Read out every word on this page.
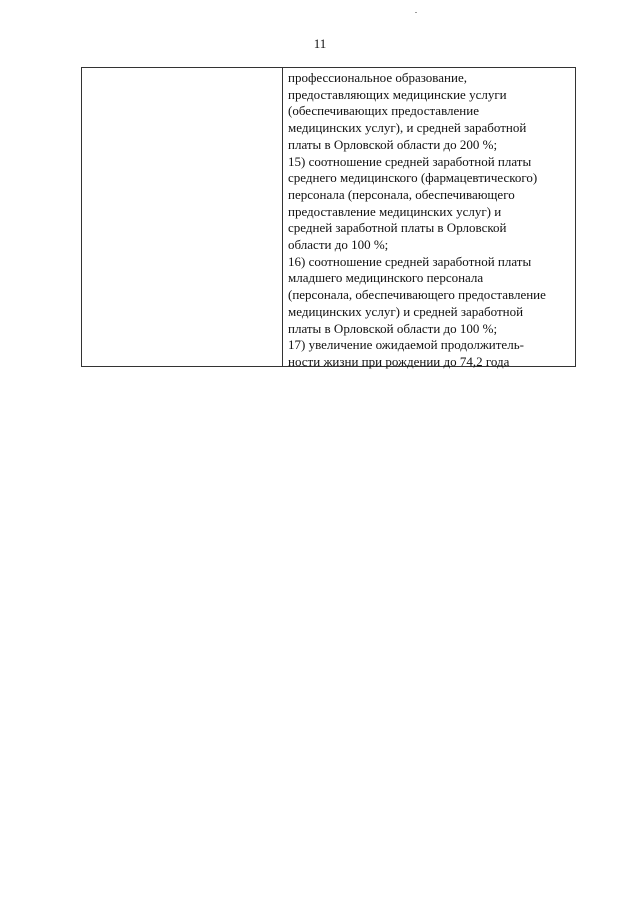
11
профессиональное образование,
предоставляющих медицинские услуги
(обеспечивающих предоставление
медицинских услуг), и средней заработной
платы в Орловской области до 200 %;
15) соотношение средней заработной платы
среднего медицинского (фармацевтического)
персонала (персонала, обеспечивающего
предоставление медицинских услуг) и
средней заработной платы в Орловской
области до 100 %;
16) соотношение средней заработной платы
младшего медицинского персонала
(персонала, обеспечивающего предоставление
медицинских услуг) и средней заработной
платы в Орловской области до 100 %;
17) увеличение ожидаемой продолжитель-
ности жизни при рождении до 74,2 года
